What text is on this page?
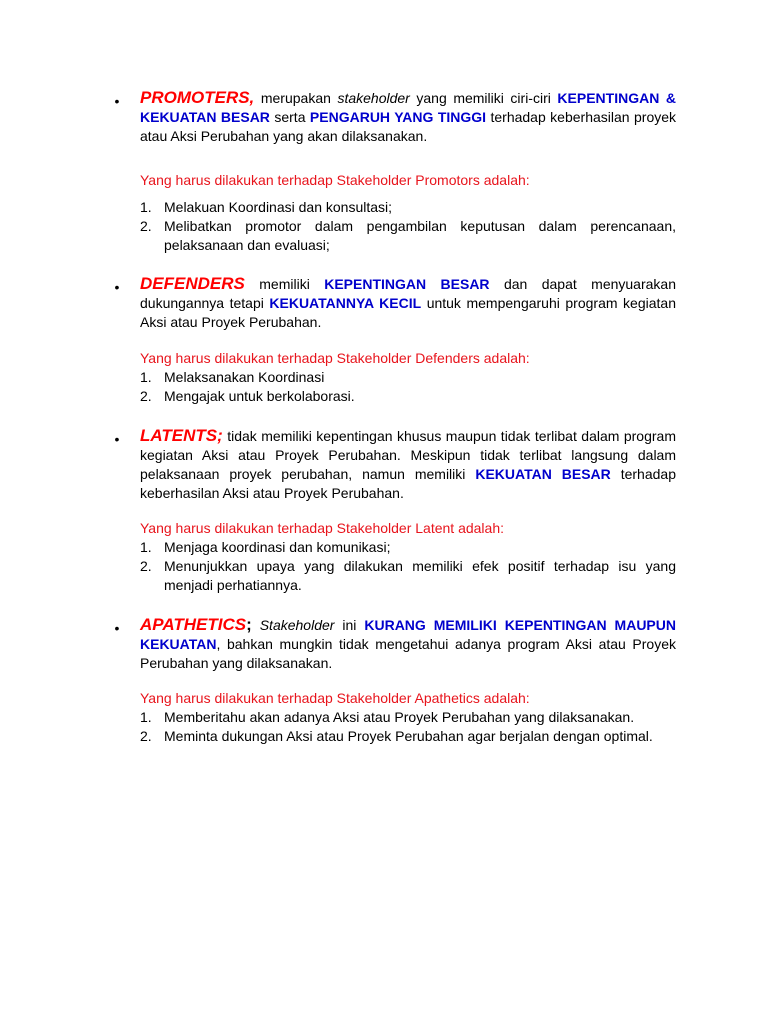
•	PROMOTERS, merupakan stakeholder yang memiliki ciri-ciri KEPENTINGAN & KEKUATAN BESAR serta PENGARUH YANG TINGGI terhadap keberhasilan proyek atau Aksi Perubahan yang akan dilaksanakan.
Yang harus dilakukan terhadap Stakeholder Promotors adalah:
1. Melakuan Koordinasi dan konsultasi;
2. Melibatkan promotor dalam pengambilan keputusan dalam perencanaan, pelaksanaan dan evaluasi;
•	DEFENDERS memiliki KEPENTINGAN BESAR dan dapat menyuarakan dukungannya tetapi KEKUATANNYA KECIL untuk mempengaruhi program kegiatan Aksi atau Proyek Perubahan.
Yang harus dilakukan terhadap Stakeholder Defenders adalah:
1. Melaksanakan Koordinasi
2. Mengajak untuk berkolaborasi.
•	LATENTS; tidak memiliki kepentingan khusus maupun tidak terlibat dalam program kegiatan Aksi atau Proyek Perubahan. Meskipun tidak terlibat langsung dalam pelaksanaan proyek perubahan, namun memiliki KEKUATAN BESAR terhadap keberhasilan Aksi atau Proyek Perubahan.
Yang harus dilakukan terhadap Stakeholder Latent adalah:
1. Menjaga koordinasi dan komunikasi;
2. Menunjukkan upaya yang dilakukan memiliki efek positif terhadap isu yang menjadi perhatiannya.
•	APATHETICS; Stakeholder ini KURANG MEMILIKI KEPENTINGAN MAUPUN KEKUATAN, bahkan mungkin tidak mengetahui adanya program Aksi atau Proyek Perubahan yang dilaksanakan.
Yang harus dilakukan terhadap Stakeholder Apathetics adalah:
1. Memberitahu akan adanya Aksi atau Proyek Perubahan yang dilaksanakan.
2. Meminta dukungan Aksi atau Proyek Perubahan agar berjalan dengan optimal.
